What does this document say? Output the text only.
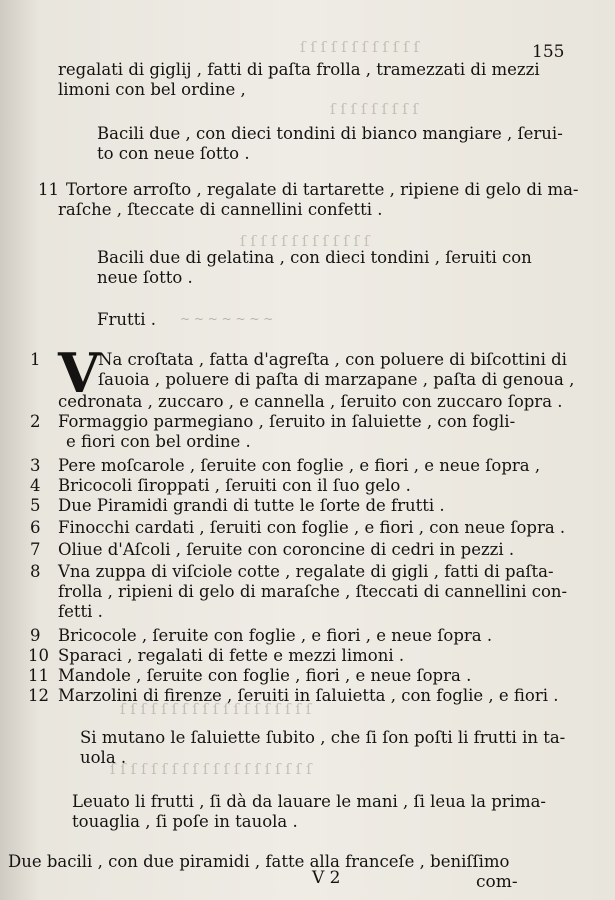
ſ ſ ſ ſ ſ ſ ſ ſ ſ ſ ſ ſ
ſ ſ ſ ſ ſ ſ ſ ſ ſ
ſ ſ ſ ſ ſ ſ ſ ſ ſ ſ ſ ſ ſ
ſ ſ ſ ſ ſ ſ ſ ſ ſ ſ ſ ſ ſ ſ ſ ſ ſ ſ ſ
ſ ſ ſ ſ ſ ſ ſ ſ ſ ſ ſ ſ ſ ſ ſ ſ ſ ſ ſ ſ
~ ~ ~ ~ ~ ~ ~
155
regalati di giglij , fatti di paſta frolla , tramezzati di mezzi
limoni con bel ordine ,
Bacili due , con dieci tondini di bianco mangiare , ſerui-
to con neue ſotto .
11 Tortore arroſto , regalate di tartarette , ripiene di gelo di ma-
raſche , ſteccate di cannellini confetti .
Bacili due di gelatina , con dieci tondini , ſeruiti con
neue ſotto .
Frutti .
1 V
Na croſtata , fatta d'agreſta , con poluere di biſcottini di
ſauoia , poluere di paſta di marzapane , paſta di genoua ,
cedronata , zuccaro , e cannella , ſeruito con zuccaro ſopra .
2 Formaggio parmegiano , ſeruito in ſaluiette , con fogli-
e fiori con bel ordine .
3 Pere moſcarole , ſeruite con foglie , e fiori , e neue ſopra ,
4 Bricocoli ſiroppati , ſeruiti con il ſuo gelo .
5 Due Piramidi grandi di tutte le ſorte de frutti .
6 Finocchi cardati , ſeruiti con foglie , e fiori , con neue ſopra .
7 Oliue d'Aſcoli , ſeruite con coroncine di cedri in pezzi .
8 Vna zuppa di viſciole cotte , regalate di gigli , fatti di paſta-
frolla , ripieni di gelo di maraſche , ſteccati di cannellini con-
fetti .
9 Bricocole , ſeruite con foglie , e fiori , e neue ſopra .
10 Sparaci , regalati di fette e mezzi limoni .
11 Mandole , ſeruite con foglie , fiori , e neue ſopra .
12 Marzolini di firenze , ſeruiti in ſaluietta , con foglie , e fiori .
Si mutano le ſaluiette ſubito , che ſi ſon poſti li frutti in ta-
uola .
Leuato li frutti , ſi dà da lauare le mani , ſi leua la prima-
touaglia , ſi poſe in tauola .
Due bacili , con due piramidi , fatte alla franceſe , beniſſimo
V 2	com-
